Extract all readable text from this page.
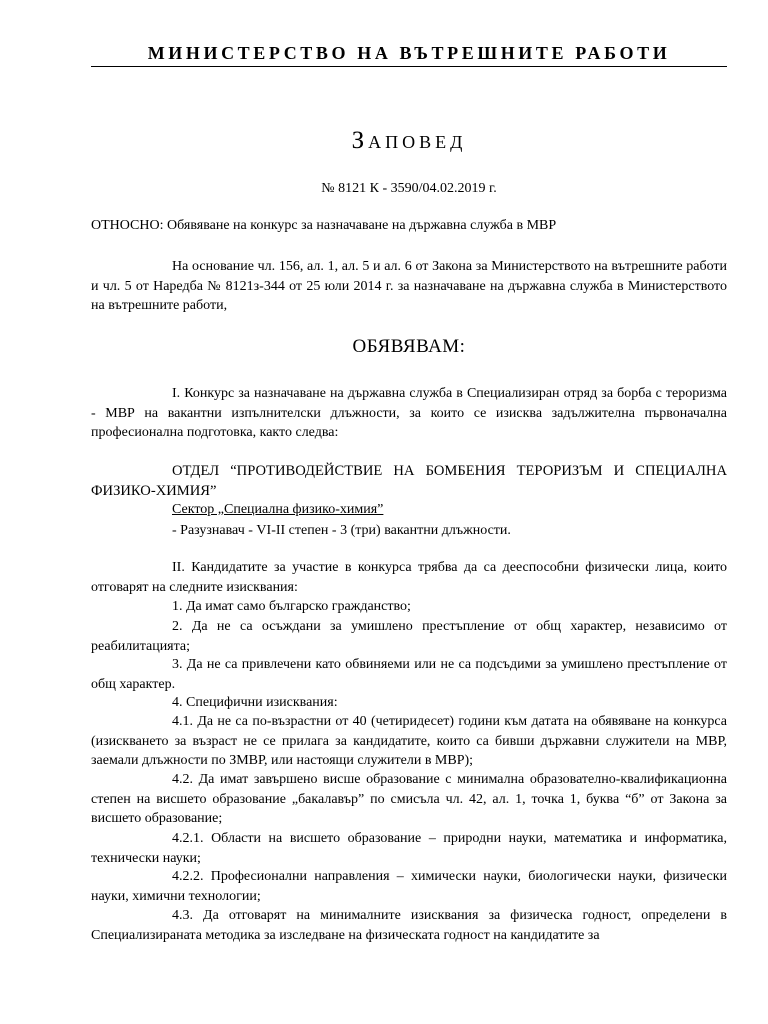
МИНИСТЕРСТВО НА ВЪТРЕШНИТЕ РАБОТИ
Заповед
№ 8121 К - 3590/04.02.2019 г.
ОТНОСНО: Обявяване на конкурс за назначаване на държавна служба в МВР

На основание чл. 156, ал. 1, ал. 5 и ал. 6 от Закона за Министерството на вътрешните работи и чл. 5 от Наредба № 8121з-344 от 25 юли 2014 г. за назначаване на държавна служба в Министерството на вътрешните работи,

ОБЯВЯВАМ:

I. Конкурс за назначаване на държавна служба в Специализиран отряд за борба с тероризма - МВР на вакантни изпълнителски длъжности, за които се изисква задължителна първоначална професионална подготовка, както следва:

ОТДЕЛ “ПРОТИВОДЕЙСТВИЕ НА БОМБЕНИЯ ТЕРОРИЗЪМ И СПЕЦИАЛНА ФИЗИКО-ХИМИЯ”

Сектор „Специална физико-химия”
- Разузнавач - VI-II степен - 3 (три) вакантни длъжности.

II. Кандидатите за участие в конкурса трябва да са дееспособни физически лица, които отговарят на следните изисквания:

1. Да имат само българско гражданство;

2. Да не са осъждани за умишлено престъпление от общ характер, независимо от реабилитацията;

3. Да не са привлечени като обвиняеми или не са подсъдими за умишлено престъпление от общ характер.

4. Специфични изисквания:

4.1. Да не са по-възрастни от 40 (четиридесет) години към датата на обявяване на конкурса (изискването за възраст не се прилага за кандидатите, които са бивши държавни служители на МВР, заемали длъжности по ЗМВР, или настоящи служители в МВР);

4.2. Да имат завършено висше образование с минимална образователно-квалификационна степен на висшето образование „бакалавър” по смисъла чл. 42, ал. 1, точка 1, буква “б” от Закона за висшето образование;

4.2.1. Области на висшето образование – природни науки, математика и информатика, технически науки;

4.2.2. Професионални направления – химически науки, биологически науки, физически науки, химични технологии;

4.3. Да отговарят на минималните изисквания за физическа годност, определени в Специализираната методика за изследване на физическата годност на кандидатите за
